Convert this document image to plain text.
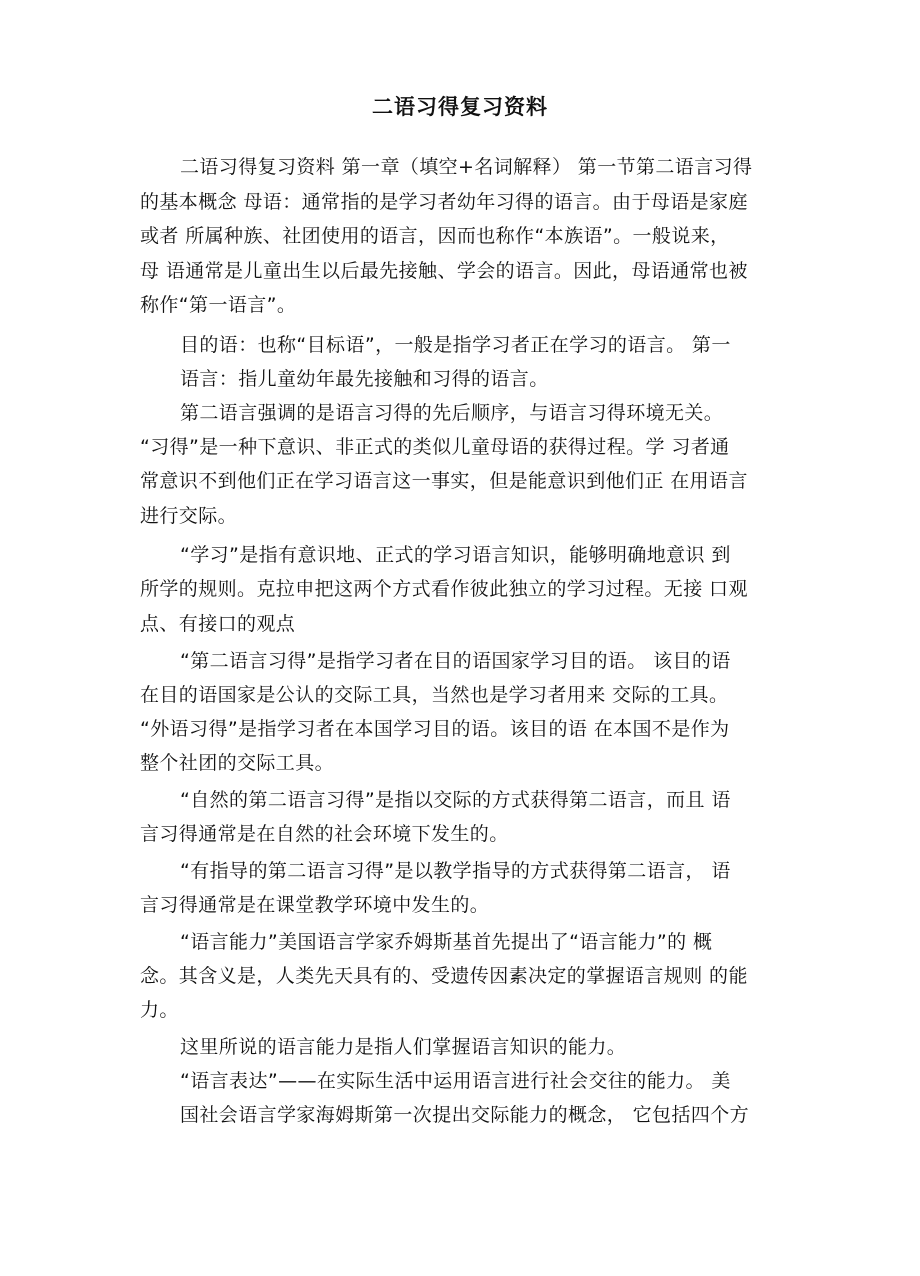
二语习得复习资料
二语习得复习资料 第一章（填空+名词解释） 第一节第二语言习得
的基本概念 母语：通常指的是学习者幼年习得的语言。由于母语是家庭
或者 所属种族、社团使用的语言，因而也称作“本族语”。一般说来，
母 语通常是儿童出生以后最先接触、学会的语言。因此，母语通常也被
称作“第一语言”。
目的语：也称“目标语”，一般是指学习者正在学习的语言。 第一
语言：指儿童幼年最先接触和习得的语言。
第二语言强调的是语言习得的先后顺序，与语言习得环境无关。
“习得”是一种下意识、非正式的类似儿童母语的获得过程。学 习者通
常意识不到他们正在学习语言这一事实，但是能意识到他们正 在用语言
进行交际。
“学习”是指有意识地、正式的学习语言知识，能够明确地意识 到
所学的规则。克拉申把这两个方式看作彼此独立的学习过程。无接 口观
点、有接口的观点
“第二语言习得”是指学习者在目的语国家学习目的语。 该目的语
在目的语国家是公认的交际工具，当然也是学习者用来 交际的工具。
“外语习得”是指学习者在本国学习目的语。该目的语 在本国不是作为
整个社团的交际工具。
“自然的第二语言习得”是指以交际的方式获得第二语言，而且 语
言习得通常是在自然的社会环境下发生的。
“有指导的第二语言习得”是以教学指导的方式获得第二语言， 语
言习得通常是在课堂教学环境中发生的。
“语言能力”美国语言学家乔姆斯基首先提出了“语言能力”的 概
念。其含义是，人类先天具有的、受遗传因素决定的掌握语言规则 的能
力。
这里所说的语言能力是指人们掌握语言知识的能力。
“语言表达”——在实际生活中运用语言进行社会交往的能力。 美
国社会语言学家海姆斯第一次提出交际能力的概念， 它包括四个方
